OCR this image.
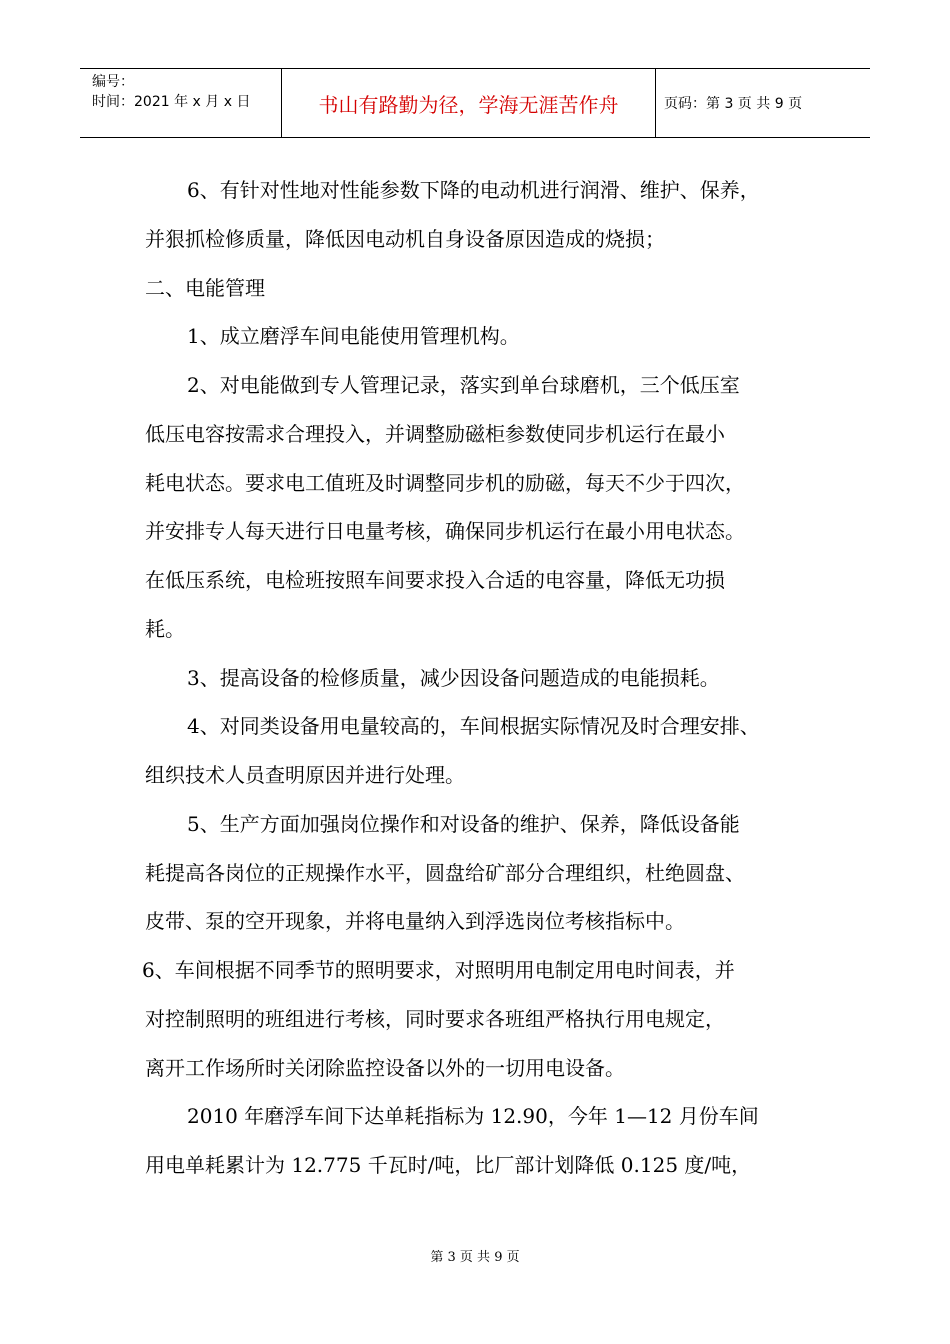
编号：
时间：2021 年 x 月 x 日	书山有路勤为径，学海无涯苦作舟	页码：第 3 页 共 9 页

6、有针对性地对性能参数下降的电动机进行润滑、维护、保养，

并狠抓检修质量，降低因电动机自身设备原因造成的烧损；

二、电能管理

1、成立磨浮车间电能使用管理机构。

2、对电能做到专人管理记录，落实到单台球磨机，三个低压室

低压电容按需求合理投入，并调整励磁柜参数使同步机运行在最小

耗电状态。要求电工值班及时调整同步机的励磁，每天不少于四次，

并安排专人每天进行日电量考核，确保同步机运行在最小用电状态。

在低压系统，电检班按照车间要求投入合适的电容量，降低无功损

耗。

3、提高设备的检修质量，减少因设备问题造成的电能损耗。

4、对同类设备用电量较高的，车间根据实际情况及时合理安排、

组织技术人员查明原因并进行处理。

5、生产方面加强岗位操作和对设备的维护、保养，降低设备能

耗提高各岗位的正规操作水平，圆盘给矿部分合理组织，杜绝圆盘、

皮带、泵的空开现象，并将电量纳入到浮选岗位考核指标中。

6、车间根据不同季节的照明要求，对照明用电制定用电时间表，并

对控制照明的班组进行考核，同时要求各班组严格执行用电规定，

离开工作场所时关闭除监控设备以外的一切用电设备。

2010 年磨浮车间下达单耗指标为 12.90，今年 1—12 月份车间

用电单耗累计为 12.775 千瓦时/吨，比厂部计划降低 0.125 度/吨，

第 3 页 共 9 页
